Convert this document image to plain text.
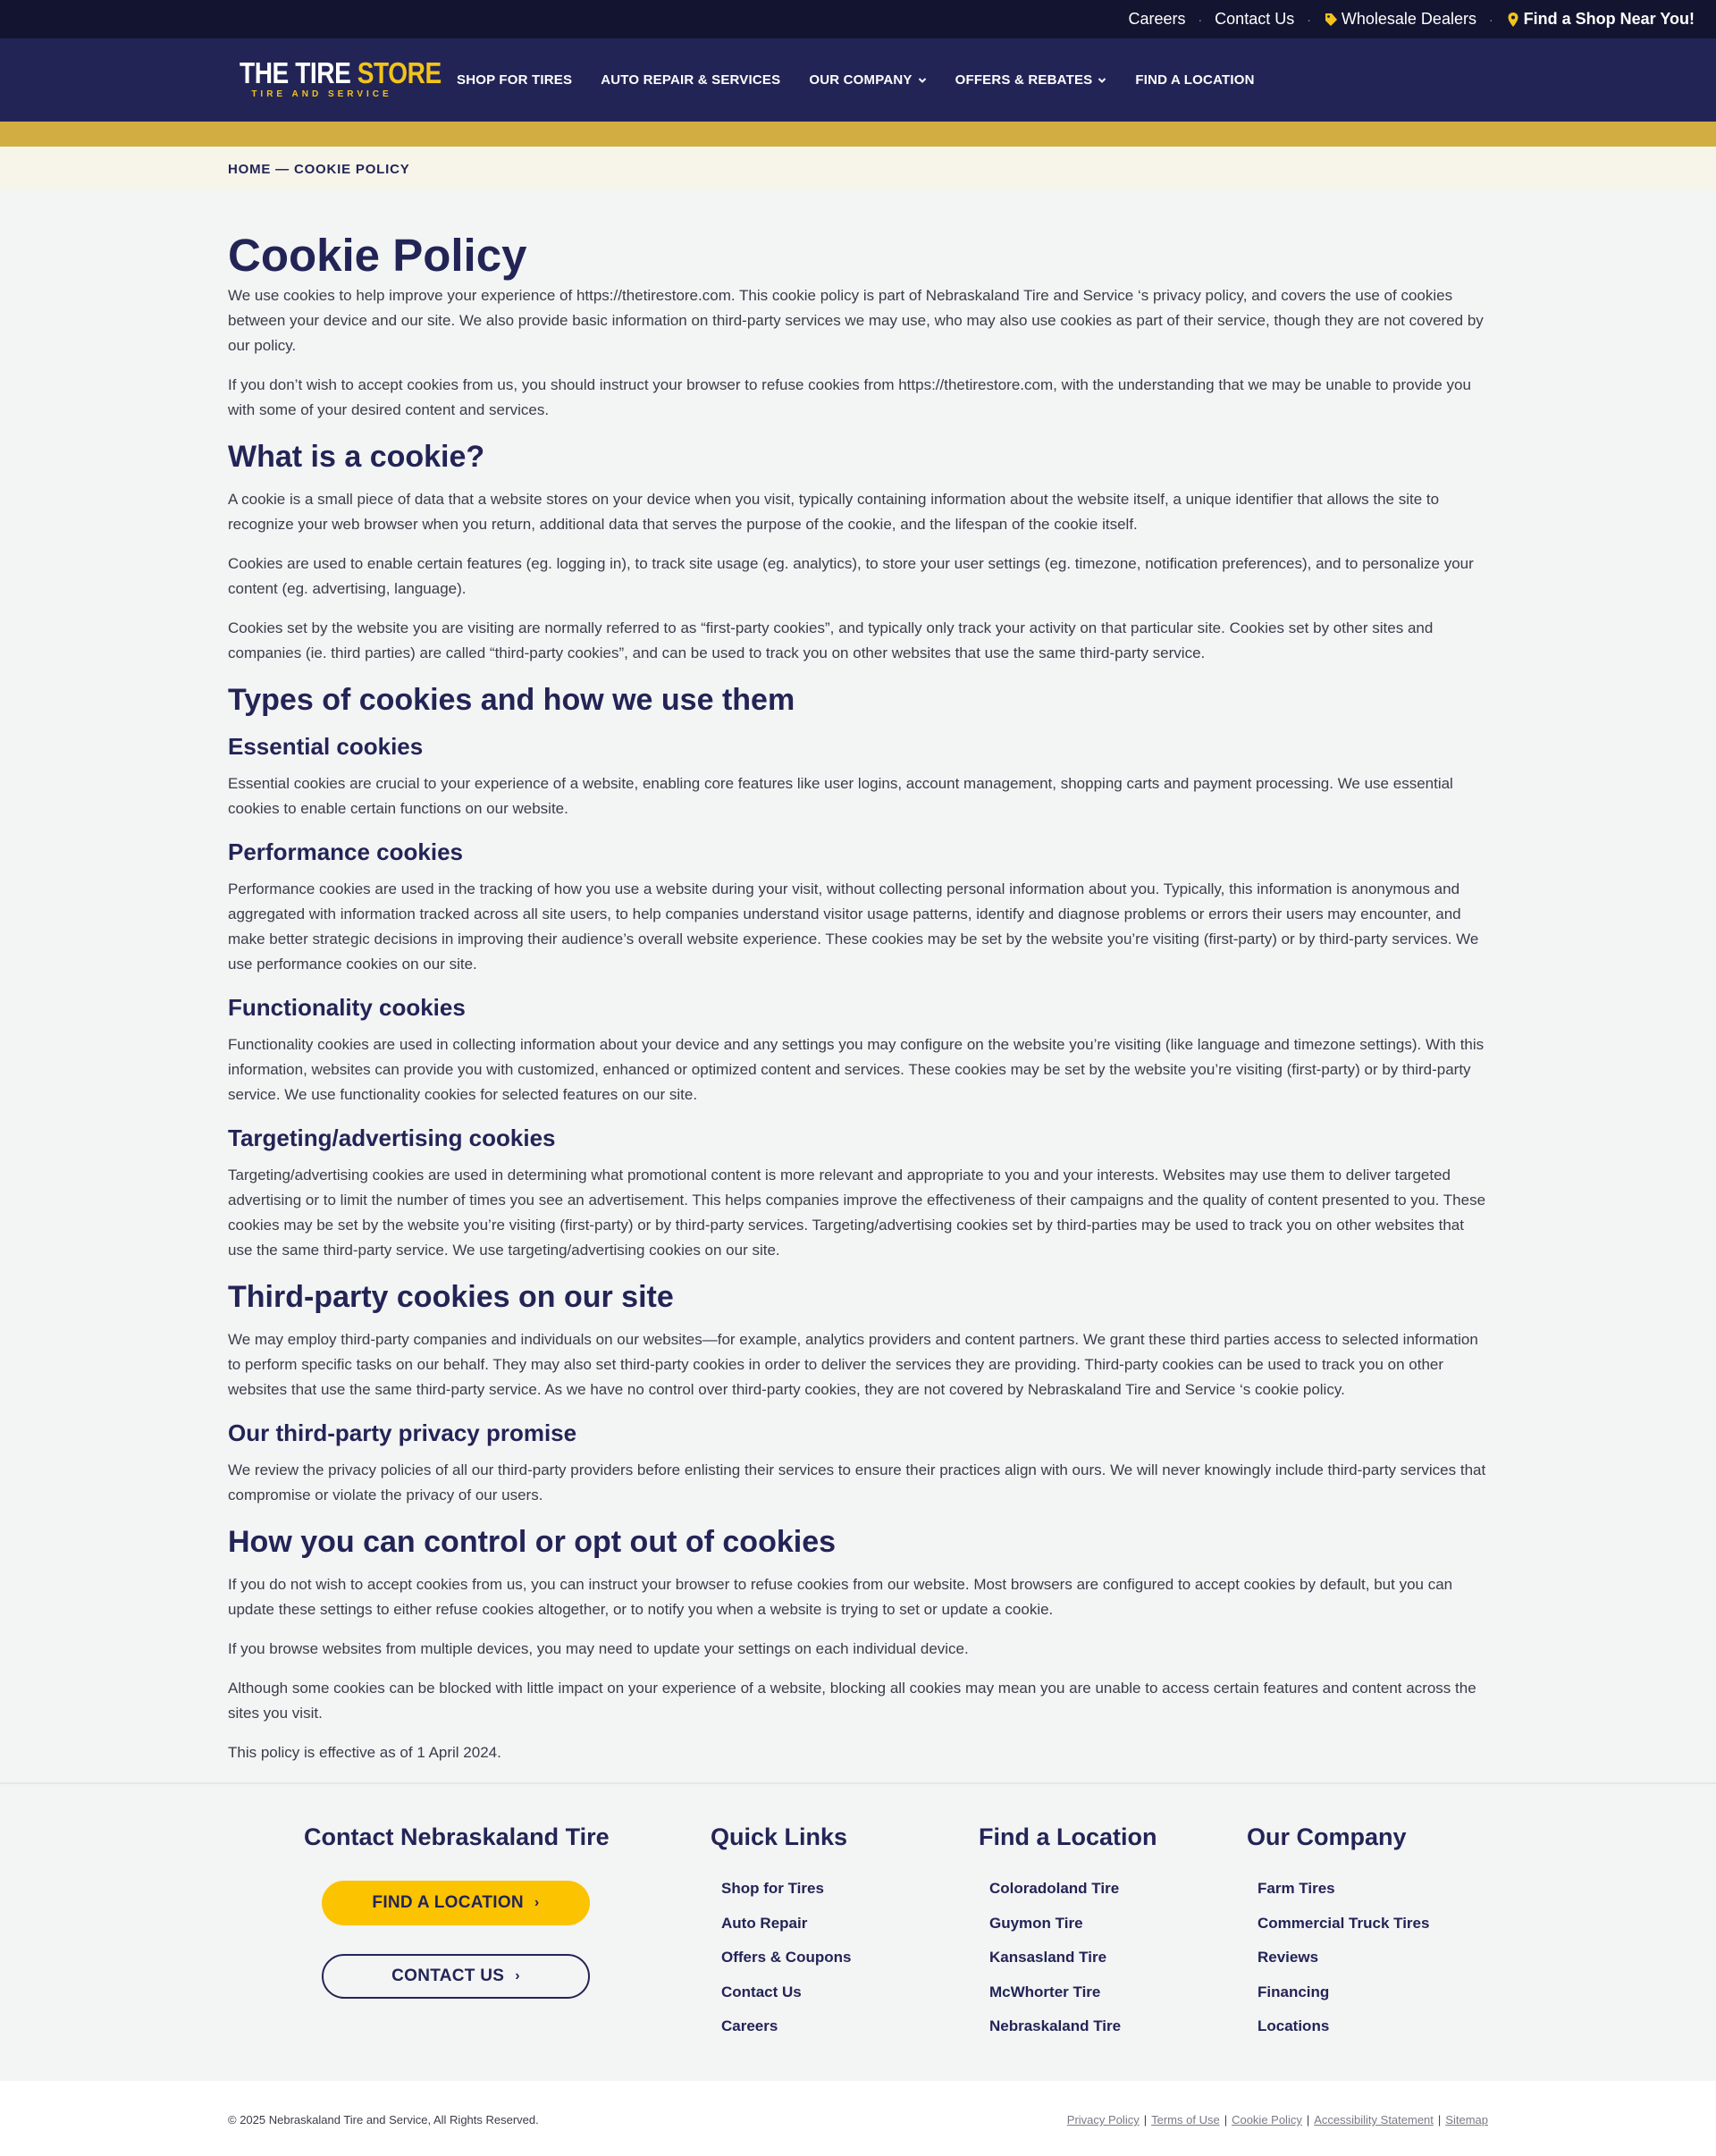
Careers · Contact Us · Wholesale Dealers · Find a Shop Near You!
THE TIRE STORE
TIRE AND SERVICE
SHOP FOR TIRES AUTO REPAIR & SERVICES OUR COMPANY	OFFERS & REBATES	FIND A LOCATION
HOME — COOKIE POLICY
Cookie Policy

We use cookies to help improve your experience of https://thetirestore.com. This cookie policy is part of Nebraskaland Tire and Service ‘s privacy policy, and covers the use of cookies between your device and our site. We also provide basic information on third-party services we may use, who may also use cookies as part of their service, though they are not covered by our policy.

If you don’t wish to accept cookies from us, you should instruct your browser to refuse cookies from https://thetirestore.com, with the understanding that we may be unable to provide you with some of your desired content and services.

What is a cookie?

A cookie is a small piece of data that a website stores on your device when you visit, typically containing information about the website itself, a unique identifier that allows the site to recognize your web browser when you return, additional data that serves the purpose of the cookie, and the lifespan of the cookie itself.

Cookies are used to enable certain features (eg. logging in), to track site usage (eg. analytics), to store your user settings (eg. timezone, notification preferences), and to personalize your content (eg. advertising, language).

Cookies set by the website you are visiting are normally referred to as “first-party cookies”, and typically only track your activity on that particular site. Cookies set by other sites and companies (ie. third parties) are called “third-party cookies”, and can be used to track you on other websites that use the same third-party service.

Types of cookies and how we use them
Essential cookies

Essential cookies are crucial to your experience of a website, enabling core features like user logins, account management, shopping carts and payment processing. We use essential cookies to enable certain functions on our website.

Performance cookies

Performance cookies are used in the tracking of how you use a website during your visit, without collecting personal information about you. Typically, this information is anonymous and aggregated with information tracked across all site users, to help companies understand visitor usage patterns, identify and diagnose problems or errors their users may encounter, and make better strategic decisions in improving their audience’s overall website experience. These cookies may be set by the website you’re visiting (first-party) or by third-party services. We use performance cookies on our site.

Functionality cookies

Functionality cookies are used in collecting information about your device and any settings you may configure on the website you’re visiting (like language and timezone settings). With this information, websites can provide you with customized, enhanced or optimized content and services. These cookies may be set by the website you’re visiting (first-party) or by third-party service. We use functionality cookies for selected features on our site.

Targeting/advertising cookies

Targeting/advertising cookies are used in determining what promotional content is more relevant and appropriate to you and your interests. Websites may use them to deliver targeted advertising or to limit the number of times you see an advertisement. This helps companies improve the effectiveness of their campaigns and the quality of content presented to you. These cookies may be set by the website you’re visiting (first-party) or by third-party services. Targeting/advertising cookies set by third-parties may be used to track you on other websites that use the same third-party service. We use targeting/advertising cookies on our site.

Third-party cookies on our site

We may employ third-party companies and individuals on our websites—for example, analytics providers and content partners. We grant these third parties access to selected information to perform specific tasks on our behalf. They may also set third-party cookies in order to deliver the services they are providing. Third-party cookies can be used to track you on other websites that use the same third-party service. As we have no control over third-party cookies, they are not covered by Nebraskaland Tire and Service ‘s cookie policy.

Our third-party privacy promise

We review the privacy policies of all our third-party providers before enlisting their services to ensure their practices align with ours. We will never knowingly include third-party services that compromise or violate the privacy of our users.

How you can control or opt out of cookies

If you do not wish to accept cookies from us, you can instruct your browser to refuse cookies from our website. Most browsers are configured to accept cookies by default, but you can update these settings to either refuse cookies altogether, or to notify you when a website is trying to set or update a cookie.

If you browse websites from multiple devices, you may need to update your settings on each individual device.

Although some cookies can be blocked with little impact on your experience of a website, blocking all cookies may mean you are unable to access certain features and content across the sites you visit.

This policy is effective as of 1 April 2024.

Contact Nebraskaland Tire
FIND A LOCATION ›
CONTACT US ›
Quick Links
Shop for Tires
Auto Repair
Offers & Coupons
Contact Us
Careers
Find a Location
Coloradoland Tire
Guymon Tire
Kansasland Tire
McWhorter Tire
Nebraskaland Tire
Our Company
Farm Tires
Commercial Truck Tires
Reviews
Financing
Locations
© 2025 Nebraskaland Tire and Service, All Rights Reserved.	Privacy Policy | Terms of Use | Cookie Policy | Accessibility Statement | Sitemap
